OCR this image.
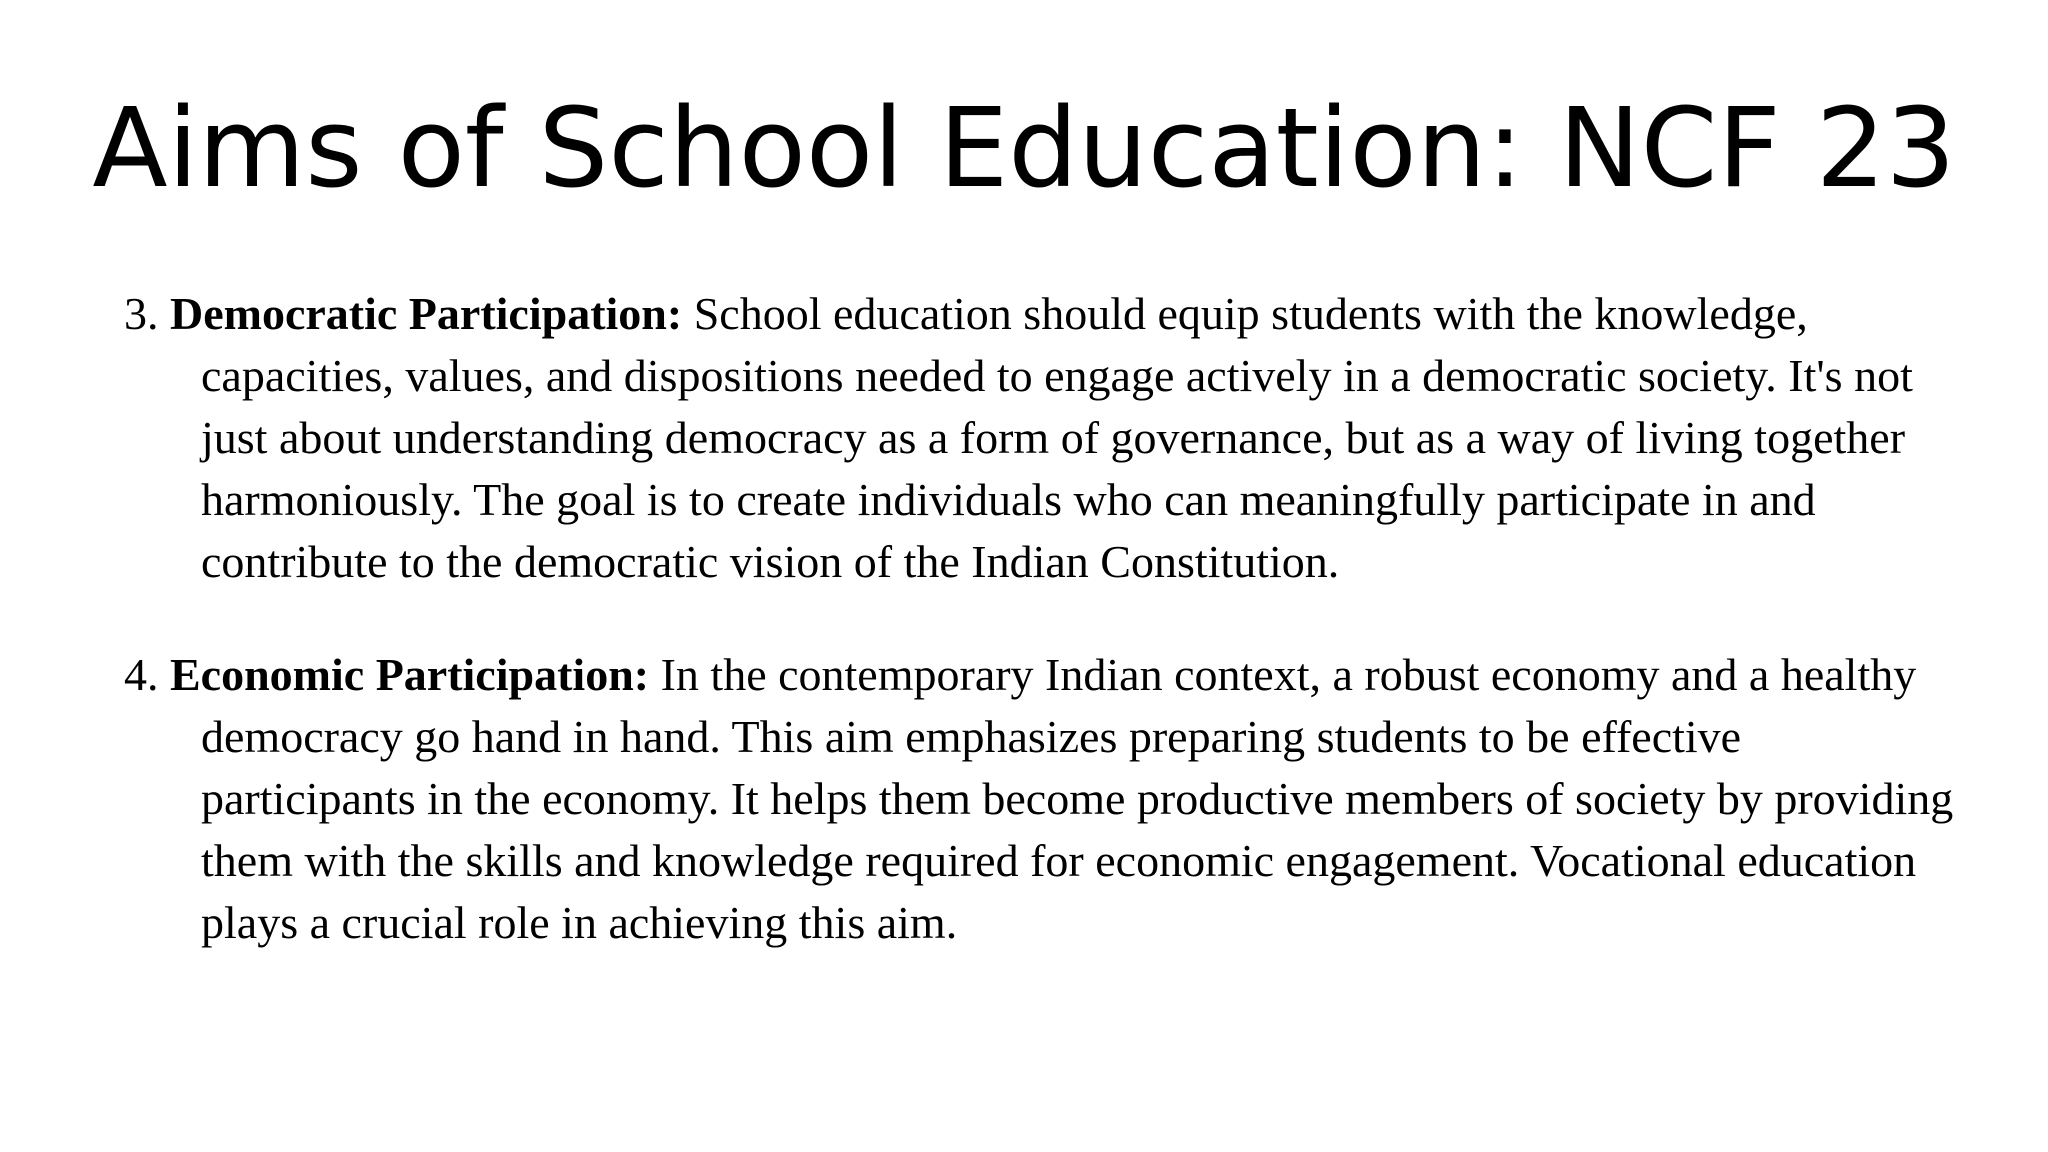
Aims of School Education: NCF 23
3. Democratic Participation: School education should equip students with the knowledge, capacities, values, and dispositions needed to engage actively in a democratic society. It's not just about understanding democracy as a form of governance, but as a way of living together harmoniously. The goal is to create individuals who can meaningfully participate in and contribute to the democratic vision of the Indian Constitution.
4. Economic Participation: In the contemporary Indian context, a robust economy and a healthy democracy go hand in hand. This aim emphasizes preparing students to be effective participants in the economy. It helps them become productive members of society by providing them with the skills and knowledge required for economic engagement. Vocational education plays a crucial role in achieving this aim.
